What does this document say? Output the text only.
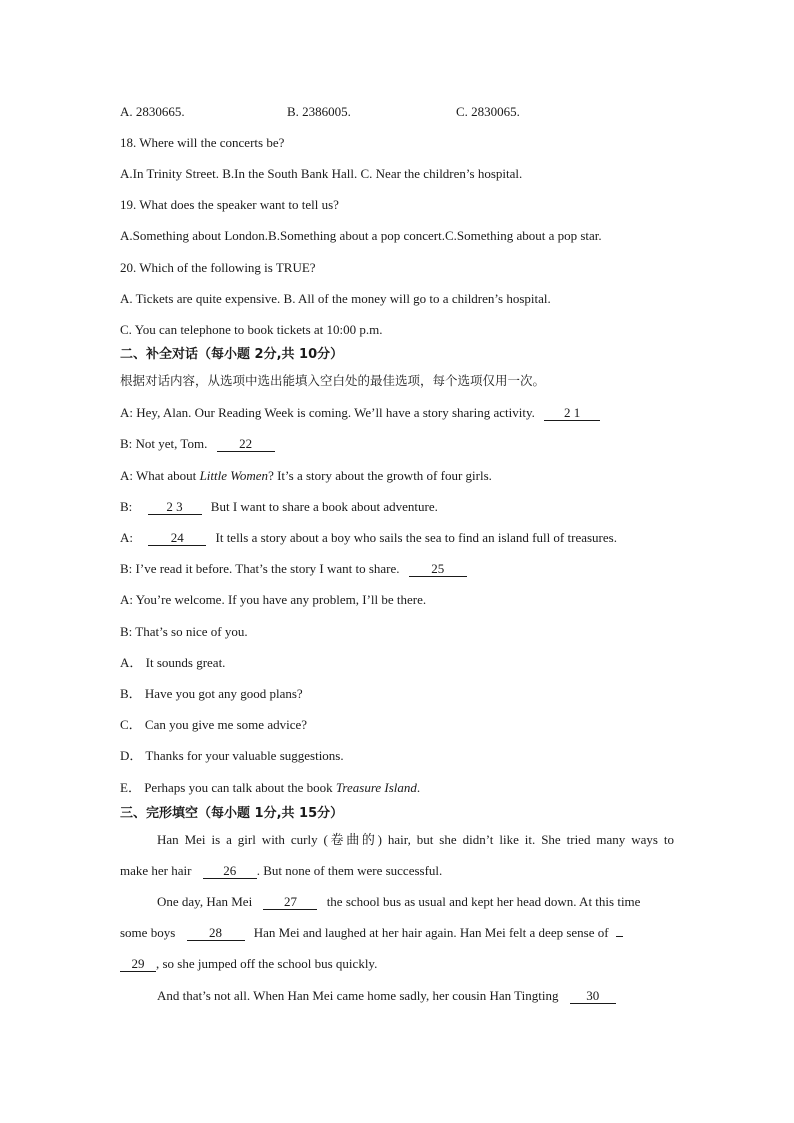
A. 2830665.	B. 2386005.	C. 2830065.
18. Where will the concerts be?
A.In Trinity Street. B.In the South Bank Hall. C. Near the children’s hospital.
19. What does the speaker want to tell us?
A.Something about London.B.Something about a pop concert.C.Something about a pop star.
20. Which of the following is TRUE?
A. Tickets are quite expensive. B. All of the money will go to a children’s hospital.
C. You can telephone to book tickets at 10:00 p.m.
二、补全对话（每小题 2分,共 10分）
根据对话内容，从选项中选出能填入空白处的最佳选项，每个选项仅用一次。
A: Hey, Alan. Our Reading Week is coming. We’ll have a story sharing activity. 2 1
B: Not yet, Tom. 22
A: What about Little Women? It’s a story about the growth of four girls.
B:	2 3 But I want to share a book about adventure.
A:	24 It tells a story about a boy who sails the sea to find an island full of treasures.
B: I’ve read it before. That’s the story I want to share. 25
A: You’re welcome. If you have any problem, I’ll be there.
B: That’s so nice of you.
A． It sounds great.
B． Have you got any good plans?
C． Can you give me some advice?
D． Thanks for your valuable suggestions.
E． Perhaps you can talk about the book Treasure Island.
三、完形填空（每小题 1分,共 15分）
Han Mei is a girl with curly (卷曲的) hair, but she didn’t like it. She tried many ways to
make her hair 26 . But none of them were successful.
One day, Han Mei 27 the school bus as usual and kept her head down. At this time
some boys	28 Han Mei and laughed at her hair again. Han Mei felt a deep sense of
29 , so she jumped off the school bus quickly.
And that’s not all. When Han Mei came home sadly, her cousin Han Tingting 30
